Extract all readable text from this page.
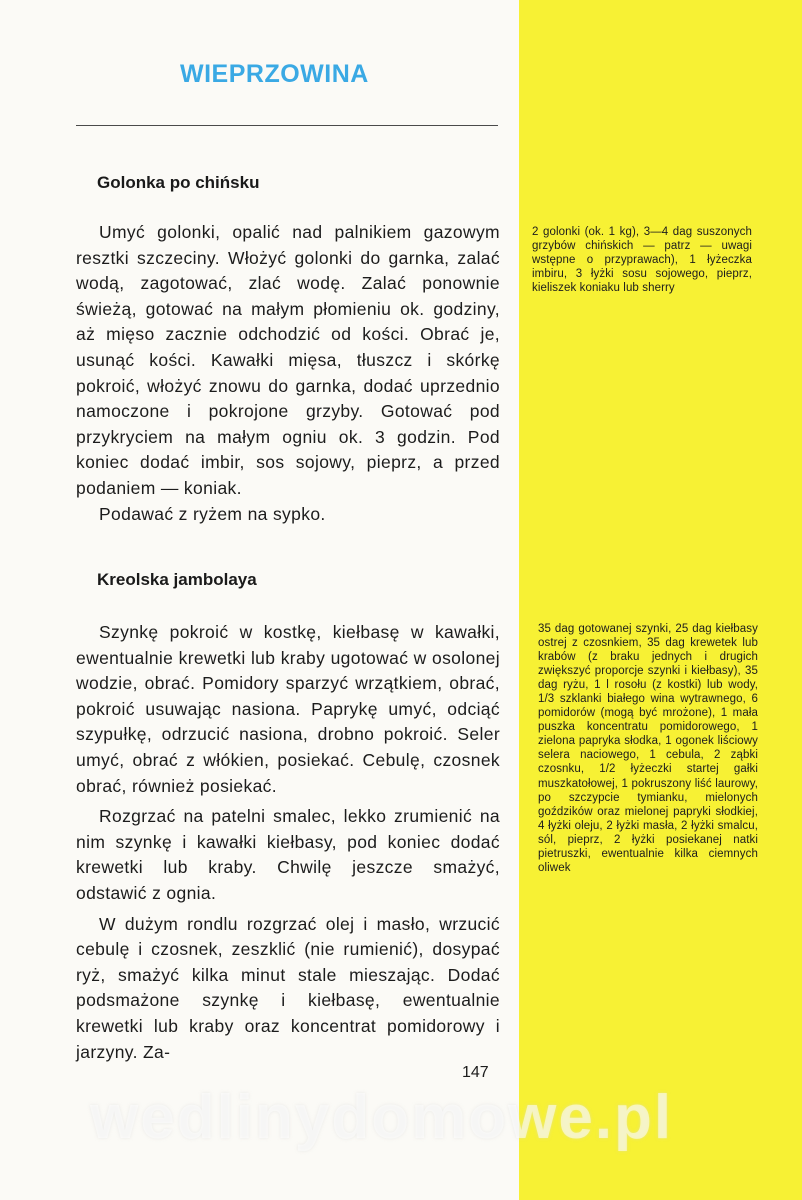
WIEPRZOWINA
Golonka po chińsku

Umyć golonki, opalić nad palnikiem gazowym resztki szczeciny. Włożyć golonki do garnka, zalać wodą, zagotować, zlać wodę. Zalać ponownie świeżą, gotować na małym płomieniu ok. godziny, aż mięso zacznie odchodzić od kości. Obrać je, usunąć kości. Kawałki mięsa, tłuszcz i skórkę pokroić, włożyć znowu do garnka, dodać uprzednio namoczone i pokrojone grzyby. Gotować pod przykryciem na małym ogniu ok. 3 godzin. Pod koniec dodać imbir, sos sojowy, pieprz, a przed podaniem — koniak.

Podawać z ryżem na sypko.

2 golonki (ok. 1 kg), 3—4 dag suszonych grzybów chińskich — patrz — uwagi wstępne o przyprawach), 1 łyżeczka imbiru, 3 łyżki sosu sojowego, pieprz, kieliszek koniaku lub sherry

Kreolska jambolaya

Szynkę pokroić w kostkę, kiełbasę w kawałki, ewentualnie krewetki lub kraby ugotować w osolonej wodzie, obrać. Pomidory sparzyć wrzątkiem, obrać, pokroić usuwając nasiona. Paprykę umyć, odciąć szypułkę, odrzucić nasiona, drobno pokroić. Seler umyć, obrać z włókien, posiekać. Cebulę, czosnek obrać, również posiekać.

Rozgrzać na patelni smalec, lekko zrumienić na nim szynkę i kawałki kiełbasy, pod koniec dodać krewetki lub kraby. Chwilę jeszcze smażyć, odstawić z ognia.

W dużym rondlu rozgrzać olej i masło, wrzucić cebulę i czosnek, zeszklić (nie rumienić), dosypać ryż, smażyć kilka minut stale mieszając. Dodać podsmażone szynkę i kiełbasę, ewentualnie krewetki lub kraby oraz koncentrat pomidorowy i jarzyny. Za-

35 dag gotowanej szynki, 25 dag kiełbasy ostrej z czosnkiem, 35 dag krewetek lub krabów (z braku jednych i drugich zwiększyć proporcje szynki i kiełbasy), 35 dag ryżu, 1 l rosołu (z kostki) lub wody, 1/3 szklanki białego wina wytrawnego, 6 pomidorów (mogą być mrożone), 1 mała puszka koncentratu pomidorowego, 1 zielona papryka słodka, 1 ogonek liściowy selera naciowego, 1 cebula, 2 ząbki czosnku, 1/2 łyżeczki startej gałki muszkatołowej, 1 pokruszony liść laurowy, po szczypcie tymianku, mielonych goździków oraz mielonej papryki słodkiej, 4 łyżki oleju, 2 łyżki masła, 2 łyżki smalcu, sól, pieprz, 2 łyżki posiekanej natki pietruszki, ewentualnie kilka ciemnych oliwek

147
wedlinydomowe.pl
